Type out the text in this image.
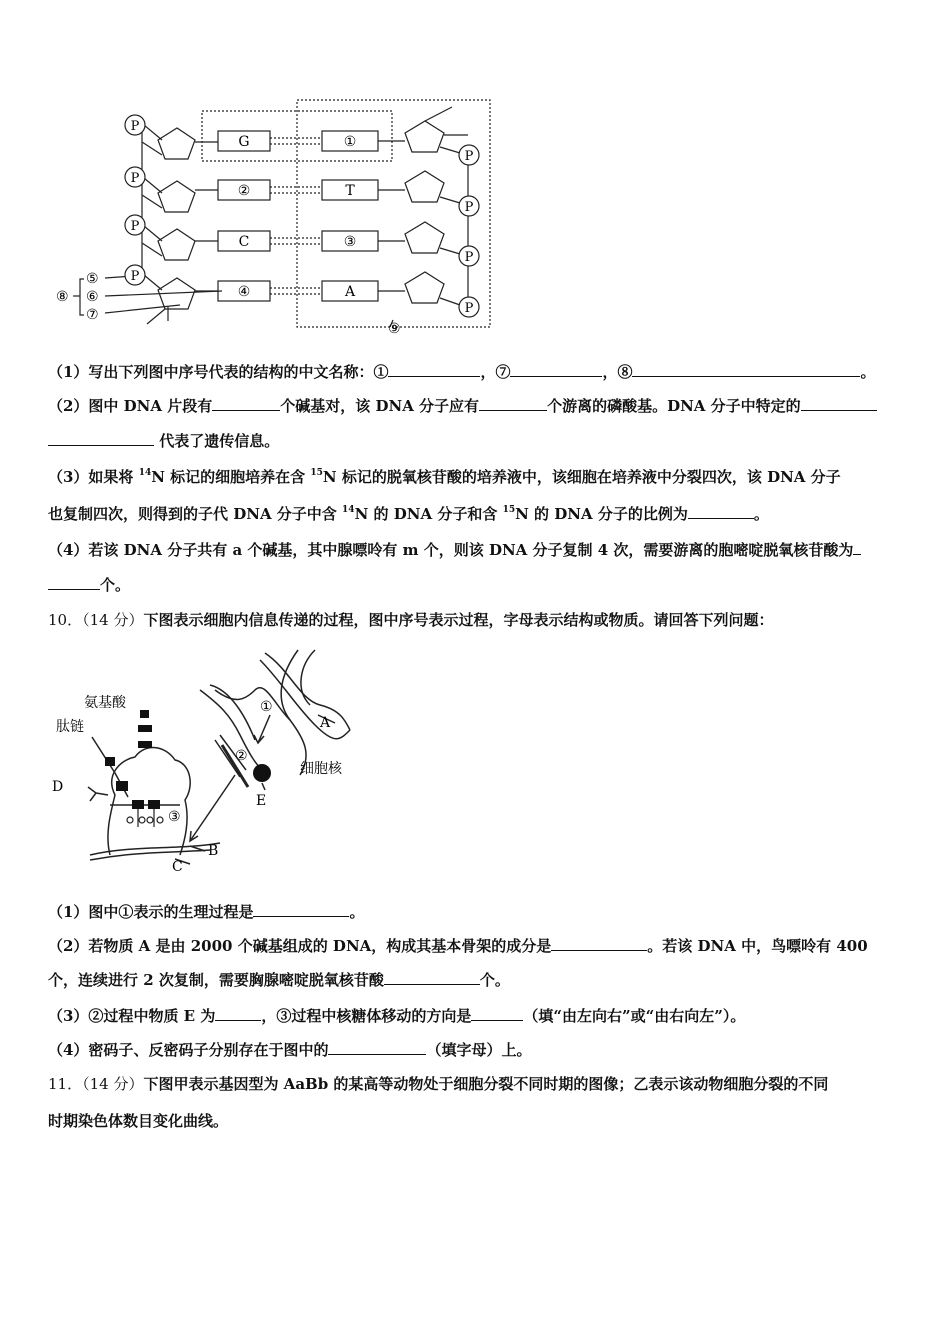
P
P
P
P
P
P
P
P
G
②
C
④
①
T
③
A
⑤
⑥
⑦
⑧
⑨
（1）写出下列图中序号代表的结构的中文名称：①	，⑦	，⑧	。
（2）图中 DNA 片段有	个碱基对，该 DNA 分子应有	个游离的磷酸基。DNA 分子中特定的
代表了遗传信息。
（3）如果将 $^{14}$N 标记的细胞培养在含 $^{15}$N 标记的脱氧核苷酸的培养液中，该细胞在培养液中分裂四次，该 DNA 分子
也复制四次，则得到的子代 DNA 分子中含 $^{14}$N 的 DNA 分子和含 $^{15}$N 的 DNA 分子的比例为	。
（4）若该 DNA 分子共有 a 个碱基，其中腺嘌呤有 m 个，则该 DNA 分子复制 4 次，需要游离的胞嘧啶脱氧核苷酸为
个。
10．（14 分）下图表示细胞内信息传递的过程，图中序号表示过程，字母表示结构或物质。请回答下列问题：
氨基酸
肽链
细胞核
A
B
C
D
E
①
②
③
（1）图中①表示的生理过程是	。
（2）若物质 A 是由 2000 个碱基组成的 DNA，构成其基本骨架的成分是	。若该 DNA 中，鸟嘌呤有 400
个，连续进行 2 次复制，需要胸腺嘧啶脱氧核苷酸	个。
（3）②过程中物质 E 为	，③过程中核糖体移动的方向是	（填“由左向右”或“由右向左”）。
（4）密码子、反密码子分别存在于图中的	（填字母）上。
11．（14 分）下图甲表示基因型为 AaBb 的某高等动物处于细胞分裂不同时期的图像；乙表示该动物细胞分裂的不同
时期染色体数目变化曲线。
